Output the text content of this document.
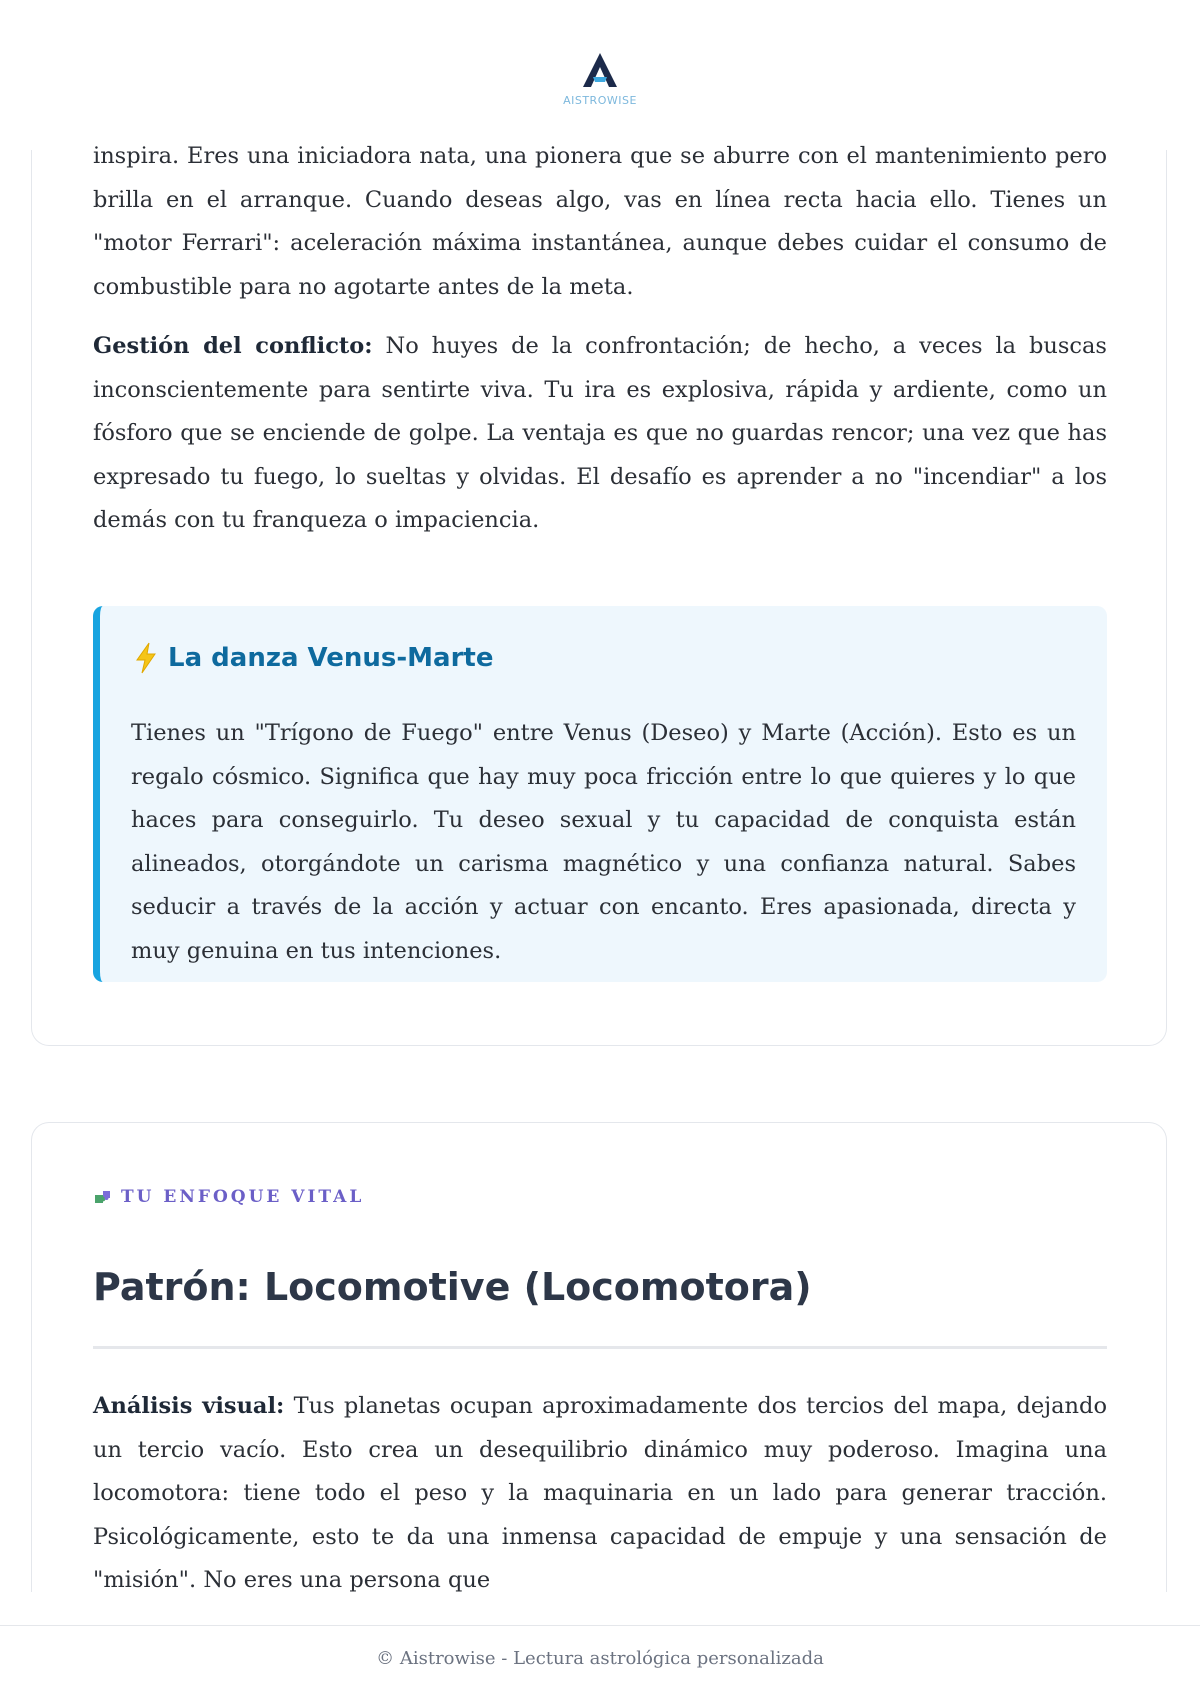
AISTROWISE

inspira. Eres una iniciadora nata, una pionera que se aburre con el mantenimiento pero brilla en el arranque. Cuando deseas algo, vas en línea recta hacia ello. Tienes un "motor Ferrari": aceleración máxima instantánea, aunque debes cuidar el consumo de combustible para no agotarte antes de la meta.

Gestión del conflicto: No huyes de la confrontación; de hecho, a veces la buscas inconscientemente para sentirte viva. Tu ira es explosiva, rápida y ardiente, como un fósforo que se enciende de golpe. La ventaja es que no guardas rencor; una vez que has expresado tu fuego, lo sueltas y olvidas. El desafío es aprender a no "incendiar" a los demás con tu franqueza o impaciencia.

La danza Venus-Marte

Tienes un "Trígono de Fuego" entre Venus (Deseo) y Marte (Acción). Esto es un regalo cósmico. Significa que hay muy poca fricción entre lo que quieres y lo que haces para conseguirlo. Tu deseo sexual y tu capacidad de conquista están alineados, otorgándote un carisma magnético y una confianza natural. Sabes seducir a través de la acción y actuar con encanto. Eres apasionada, directa y muy genuina en tus intenciones.

TU ENFOQUE VITAL
Patrón: Locomotive (Locomotora)

Análisis visual: Tus planetas ocupan aproximadamente dos tercios del mapa, dejando un tercio vacío. Esto crea un desequilibrio dinámico muy poderoso. Imagina una locomotora: tiene todo el peso y la maquinaria en un lado para generar tracción. Psicológicamente, esto te da una inmensa capacidad de empuje y una sensación de "misión". No eres una persona que

© Aistrowise - Lectura astrológica personalizada
